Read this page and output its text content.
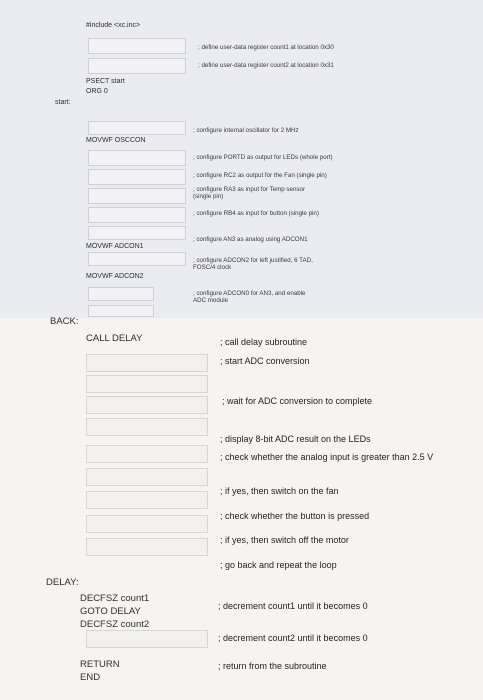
#include <xc.inc>
; define user-data register count1 at location 0x30
; define user-data register count2 at location 0x31
PSECT start
ORG 0
start:
MOVWF OSCCON
; configure internal oscillator for 2 MHz
; configure PORTD as output for LEDs (whole port)
; configure RC2 as output for the Fan (single pin)
; configure RA3 as input for Temp sensor (single pin)
; configure RB4 as input for button (single pin)
; configure AN3 as analog using ADCON1
MOVWF ADCON1
; configure ADCON2 for left justified, 6 TAD, FOSC/4 clock
MOVWF ADCON2
; configure ADCON0 for AN3, and enable ADC module
BACK:
CALL DELAY	; call delay subroutine
; start ADC conversion
; wait for ADC conversion to complete
; display 8-bit ADC result on the LEDs
; check whether the analog input is greater than 2.5 V
; if yes, then switch on the fan
; check whether the button is pressed
; if yes, then switch off the motor
; go back and repeat the loop
DELAY:
DECFSZ count1
GOTO DELAY
DECFSZ count2
; decrement count1 until it becomes 0
; decrement count2 until it becomes 0
RETURN
END
; return from the subroutine
